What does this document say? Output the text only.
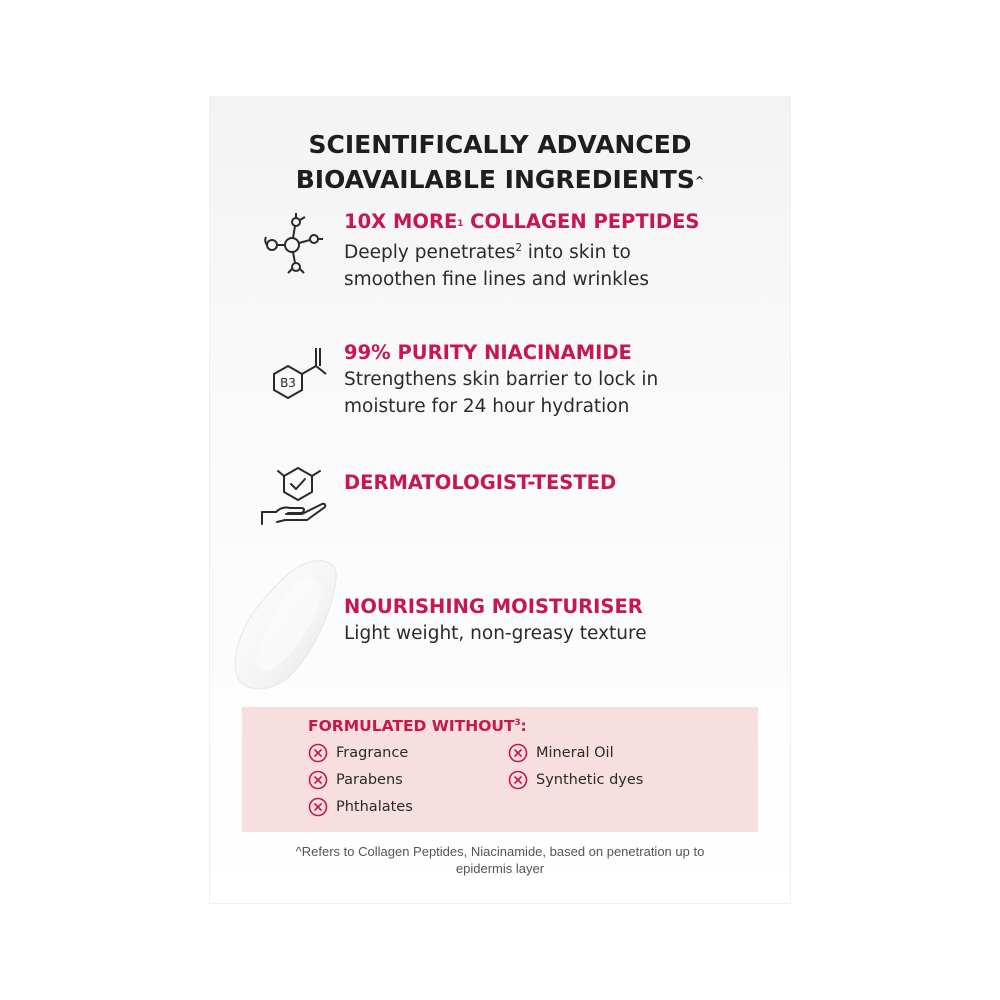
SCIENTIFICALLY ADVANCED
BIOAVAILABLE INGREDIENTS^

10X MORE$^1$ COLLAGEN PEPTIDES

Deeply penetrates$^2$ into skin to

smoothen fine lines and wrinkles

B3

99% PURITY NIACINAMIDE

Strengthens skin barrier to lock in

moisture for 24 hour hydration

DERMATOLOGIST-TESTED

NOURISHING MOISTURISER

Light weight, non-greasy texture

FORMULATED WITHOUT$^3$:
Fragrance
Parabens
Phthalates
Mineral Oil
Synthetic dyes
^Refers to Collagen Peptides, Niacinamide, based on penetration up to
epidermis layer
